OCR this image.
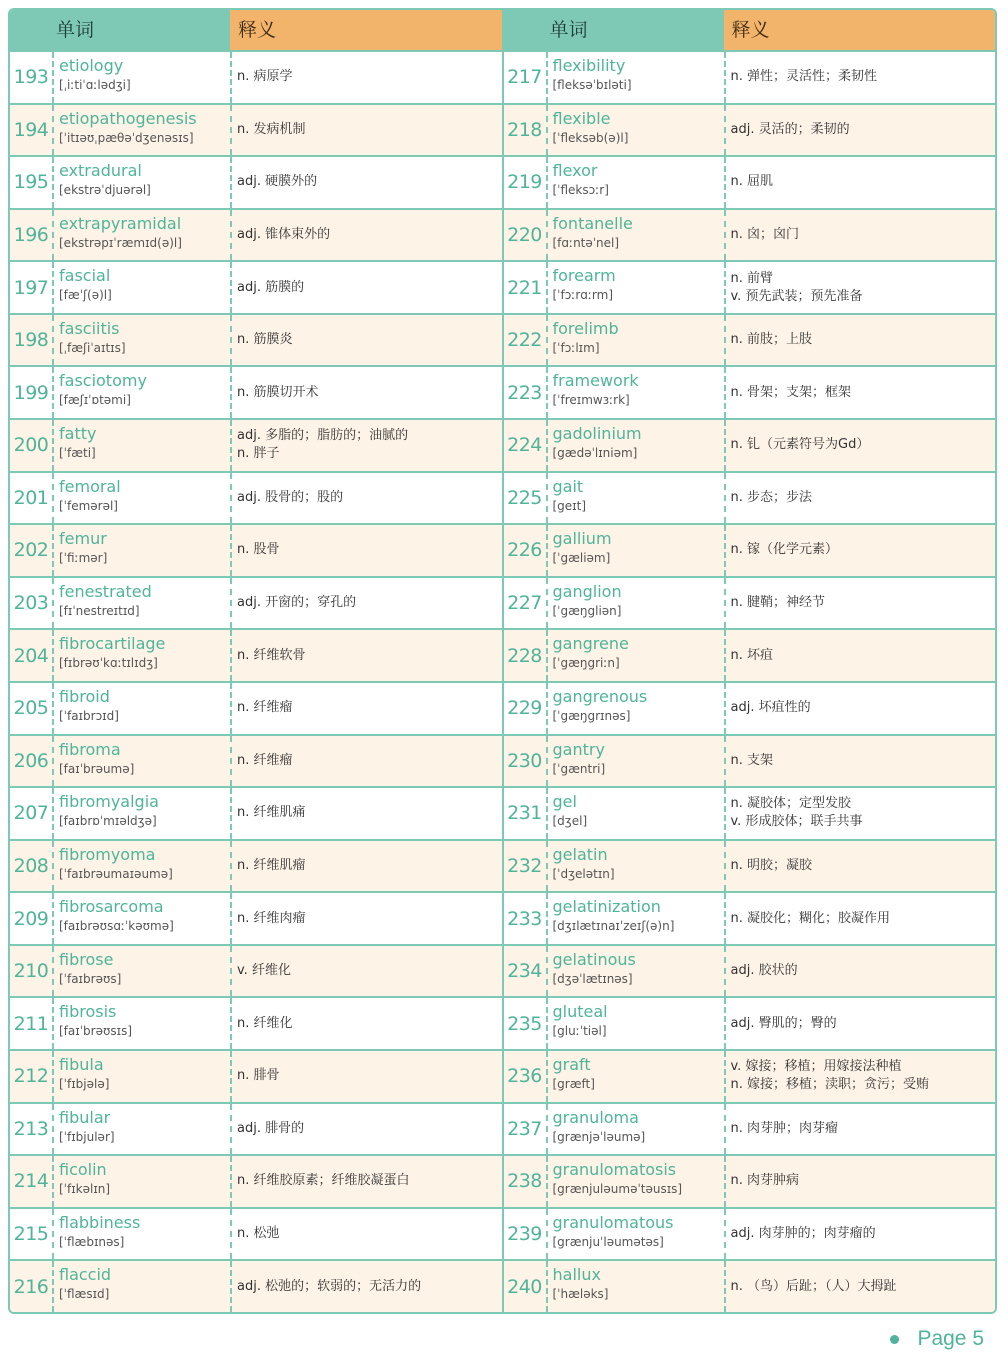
单词	释义
193
etiology
[ˌiːtiˈɑːlədʒi]
n. 病原学
194
etiopathogenesis
[ˈitɪəʊˌpæθəˈdʒenəsɪs]
n. 发病机制
195
extradural
[ekstrəˈdjuərəl]
adj. 硬膜外的
196
extrapyramidal
[ekstrəpɪˈræmɪd(ə)l]
adj. 锥体束外的
197
fascial
[fæˈʃ(ə)l]
adj. 筋膜的
198
fasciitis
[ˌfæʃiˈaɪtɪs]
n. 筋膜炎
199
fasciotomy
[fæʃɪˈɒtəmi]
n. 筋膜切开术
200
fatty
[ˈfæti]
adj. 多脂的；脂肪的；油腻的
n. 胖子
201
femoral
[ˈfemərəl]
adj. 股骨的；股的
202
femur
[ˈfiːmər]
n. 股骨
203
fenestrated
[fɪˈnestreɪtɪd]
adj. 开窗的；穿孔的
204
fibrocartilage
[fɪbrəʊˈkɑːtɪlɪdʒ]
n. 纤维软骨
205
fibroid
[ˈfaɪbrɔɪd]
n. 纤维瘤
206
fibroma
[faɪˈbrəumə]
n. 纤维瘤
207
fibromyalgia
[faɪbrɒˈmɪəldʒə]
n. 纤维肌痛
208
fibromyoma
[ˈfaɪbrəumaɪəumə]
n. 纤维肌瘤
209
fibrosarcoma
[faɪbrəʊsɑːˈkəʊmə]
n. 纤维肉瘤
210
fibrose
[ˈfaɪbrəʊs]
v. 纤维化
211
fibrosis
[faɪˈbrəʊsɪs]
n. 纤维化
212
fibula
[ˈfɪbjələ]
n. 腓骨
213
fibular
[ˈfɪbjulər]
adj. 腓骨的
214
ficolin
[ˈfɪkəlɪn]
n. 纤维胶原素；纤维胶凝蛋白
215
flabbiness
[ˈflæbɪnəs]
n. 松弛
216
flaccid
[ˈflæsɪd]
adj. 松弛的；软弱的；无活力的
单词	释义
217
flexibility
[fleksəˈbɪləti]
n. 弹性；灵活性；柔韧性
218
flexible
[ˈfleksəb(ə)l]
adj. 灵活的；柔韧的
219
flexor
[ˈfleksɔːr]
n. 屈肌
220
fontanelle
[fɑːntəˈnel]
n. 囟；囟门
221
forearm
[ˈfɔːrɑːrm]
n. 前臂
v. 预先武装；预先准备
222
forelimb
[ˈfɔːlɪm]
n. 前肢；上肢
223
framework
[ˈfreɪmwɜːrk]
n. 骨架；支架；框架
224
gadolinium
[gædəˈlɪniəm]
n. 钆（元素符号为Gd）
225
gait
[geɪt]
n. 步态；步法
226
gallium
[ˈgæliəm]
n. 镓（化学元素）
227
ganglion
[ˈgæŋgliən]
n. 腱鞘；神经节
228
gangrene
[ˈgæŋgriːn]
n. 坏疽
229
gangrenous
[ˈgæŋgrɪnəs]
adj. 坏疽性的
230
gantry
[ˈgæntri]
n. 支架
231
gel
[dʒel]
n. 凝胶体；定型发胶
v. 形成胶体；联手共事
232
gelatin
[ˈdʒelətɪn]
n. 明胶；凝胶
233
gelatinization
[dʒɪlætɪnaɪˈzeɪʃ(ə)n]
n. 凝胶化；糊化；胶凝作用
234
gelatinous
[dʒəˈlætɪnəs]
adj. 胶状的
235
gluteal
[gluːˈtiəl]
adj. 臀肌的；臀的
236
graft
[græft]
v. 嫁接；移植；用嫁接法种植
n. 嫁接；移植；渎职；贪污；受贿
237
granuloma
[grænjəˈləumə]
n. 肉芽肿；肉芽瘤
238
granulomatosis
[grænjuləuməˈtəusɪs]
n. 肉芽肿病
239
granulomatous
[grænjuˈləumətəs]
adj. 肉芽肿的；肉芽瘤的
240
hallux
[ˈhæləks]
n. （鸟）后趾；（人）大拇趾
Page 5
